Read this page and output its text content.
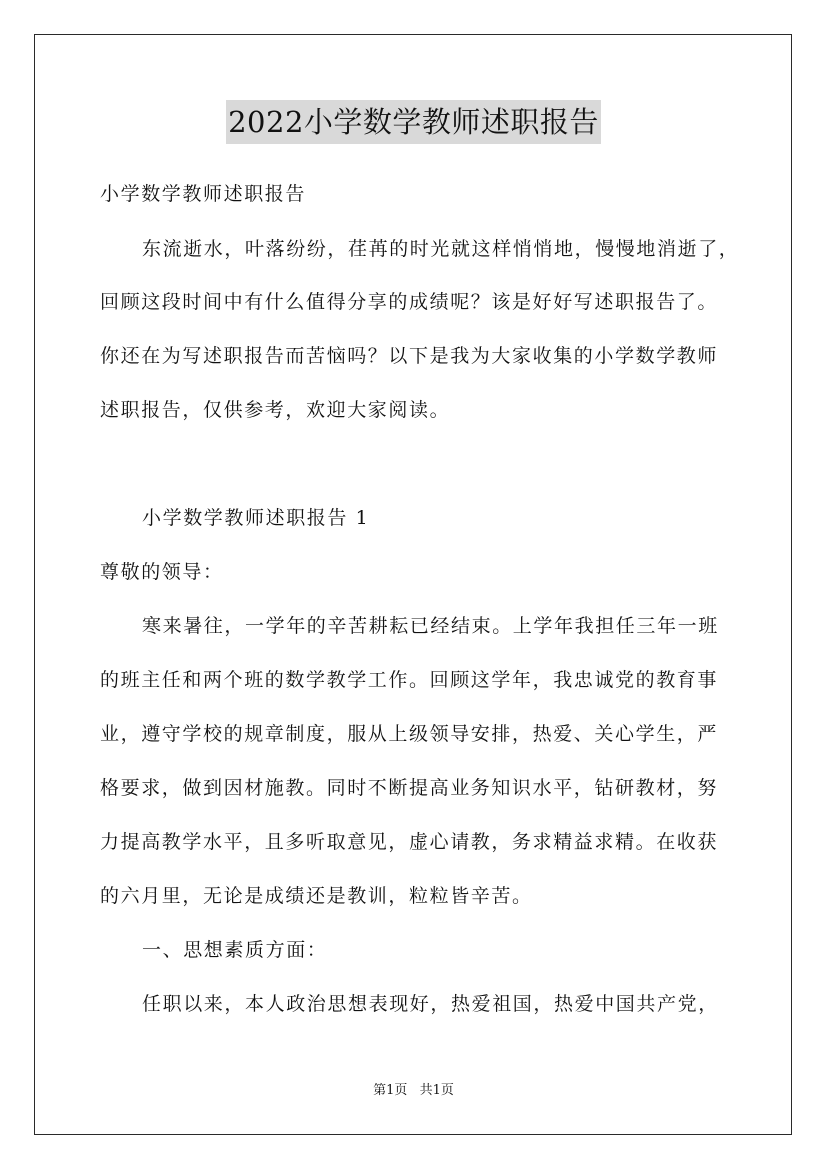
2022小学数学教师述职报告
小学数学教师述职报告
东流逝水，叶落纷纷，荏苒的时光就这样悄悄地，慢慢地消逝了，
回顾这段时间中有什么值得分享的成绩呢？该是好好写述职报告了。
你还在为写述职报告而苦恼吗？以下是我为大家收集的小学数学教师
述职报告，仅供参考，欢迎大家阅读。
小学数学教师述职报告 1
尊敬的领导：
寒来暑往，一学年的辛苦耕耘已经结束。上学年我担任三年一班
的班主任和两个班的数学教学工作。回顾这学年，我忠诚党的教育事
业，遵守学校的规章制度，服从上级领导安排，热爱、关心学生，严
格要求，做到因材施教。同时不断提高业务知识水平，钻研教材，努
力提高教学水平，且多听取意见，虚心请教，务求精益求精。在收获
的六月里，无论是成绩还是教训，粒粒皆辛苦。
一、思想素质方面：
任职以来，本人政治思想表现好，热爱祖国，热爱中国共产党，
第1页 共1页
